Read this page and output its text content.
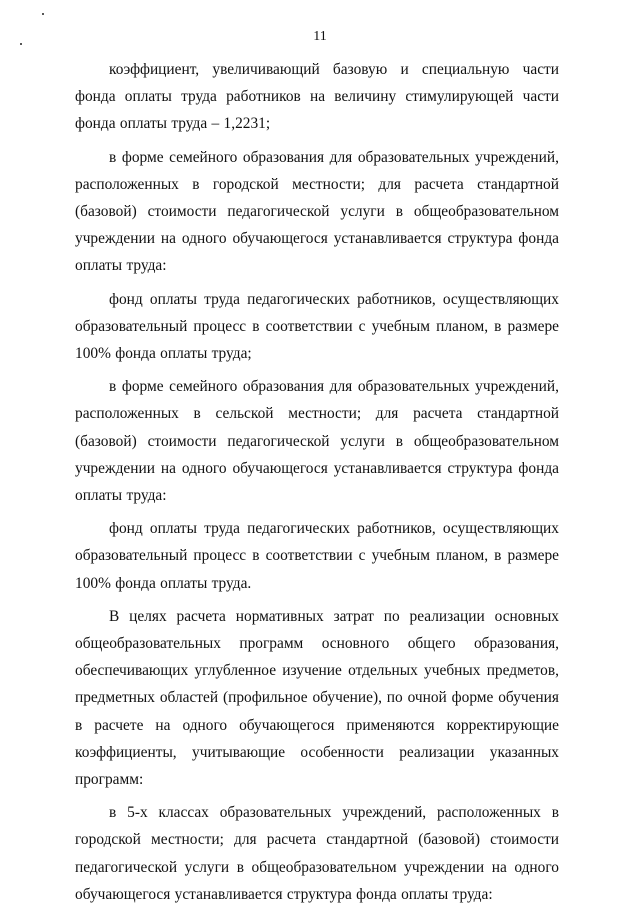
11

коэффициент, увеличивающий базовую и специальную части фонда оплаты труда работников на величину стимулирующей части фонда оплаты труда – 1,2231;

в форме семейного образования для образовательных учреждений, расположенных в городской местности; для расчета стандартной (базовой) стоимости педагогической услуги в общеобразовательном учреждении на одного обучающегося устанавливается структура фонда оплаты труда:

фонд оплаты труда педагогических работников, осуществляющих образовательный процесс в соответствии с учебным планом, в размере 100% фонда оплаты труда;

в форме семейного образования для образовательных учреждений, расположенных в сельской местности; для расчета стандартной (базовой) стоимости педагогической услуги в общеобразовательном учреждении на одного обучающегося устанавливается структура фонда оплаты труда:

фонд оплаты труда педагогических работников, осуществляющих образовательный процесс в соответствии с учебным планом, в размере 100% фонда оплаты труда.

В целях расчета нормативных затрат по реализации основных общеобразовательных программ основного общего образования, обеспечивающих углубленное изучение отдельных учебных предметов, предметных областей (профильное обучение), по очной форме обучения в расчете на одного обучающегося применяются корректирующие коэффициенты, учитывающие особенности реализации указанных программ:

в 5-х классах образовательных учреждений, расположенных в городской местности; для расчета стандартной (базовой) стоимости педагогической услуги в общеобразовательном учреждении на одного обучающегося устанавливается структура фонда оплаты труда:
